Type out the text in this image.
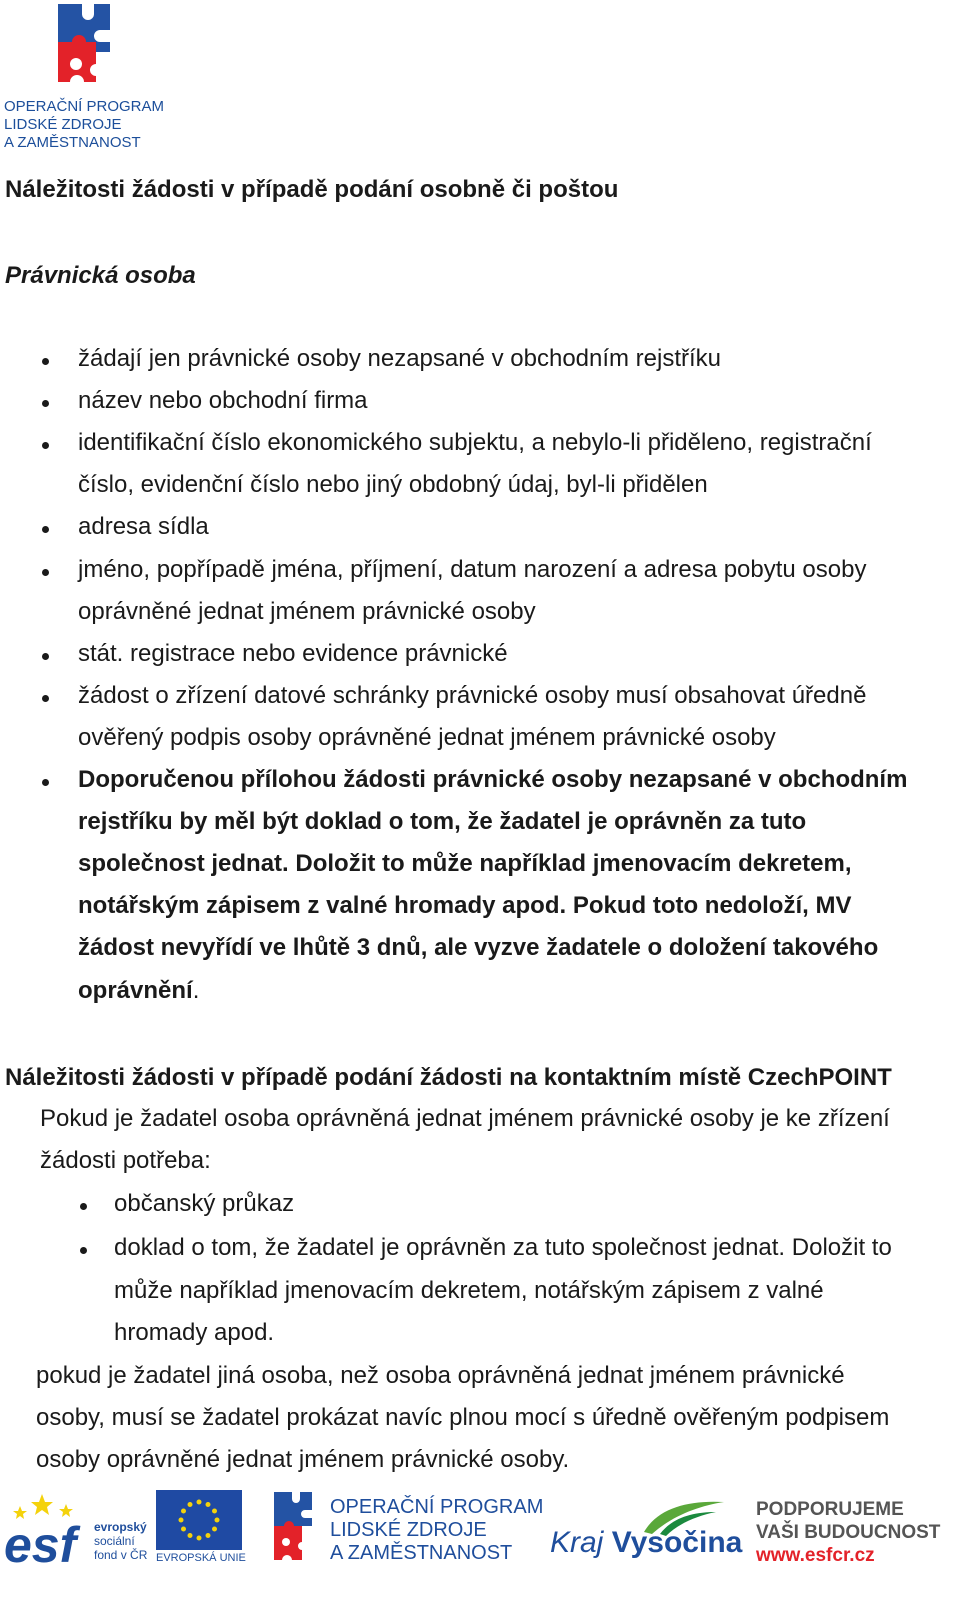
OPERAČNÍ PROGRAM
LIDSKÉ ZDROJE
A ZAMĚSTNANOST
Náležitosti žádosti v případě podání osobně či poštou
Právnická osoba
žádají jen právnické osoby nezapsané v obchodním rejstříku
název nebo obchodní firma
identifikační číslo ekonomického subjektu, a nebylo-li přiděleno, registrační
číslo, evidenční číslo nebo jiný obdobný údaj, byl-li přidělen
adresa sídla
jméno, popřípadě jména, příjmení, datum narození a adresa pobytu osoby
oprávněné jednat jménem právnické osoby
stát. registrace nebo evidence právnické
žádost o zřízení datové schránky právnické osoby musí obsahovat úředně
ověřený podpis osoby oprávněné jednat jménem právnické osoby
Doporučenou přílohou žádosti právnické osoby nezapsané v obchodním
rejstříku by měl být doklad o tom, že žadatel je oprávněn za tuto
společnost jednat. Doložit to může například jmenovacím dekretem,
notářským zápisem z valné hromady apod. Pokud toto nedoloží, MV
žádost nevyřídí ve lhůtě 3 dnů, ale vyzve žadatele o doložení takového
oprávnění.
Náležitosti žádosti v případě podání žádosti na kontaktním místě CzechPOINT
Pokud je žadatel osoba oprávněná jednat jménem právnické osoby je ke zřízení
žádosti potřeba:
občanský průkaz
doklad o tom, že žadatel je oprávněn za tuto společnost jednat. Doložit to
může například jmenovacím dekretem, notářským zápisem z valné
hromady apod.
pokud je žadatel jiná osoba, než osoba oprávněná jednat jménem právnické
osoby, musí se žadatel prokázat navíc plnou mocí s úředně ověřeným podpisem
osoby oprávněné jednat jménem právnické osoby.
esf	evropský
sociální
fond v ČR EVROPSKÁ UNIE
OPERAČNÍ PROGRAM
LIDSKÉ ZDROJE
A ZAMĚSTNANOST	Kraj Vysočina
PODPORUJEME
VAŠI BUDOUCNOST
www.esfcr.cz
